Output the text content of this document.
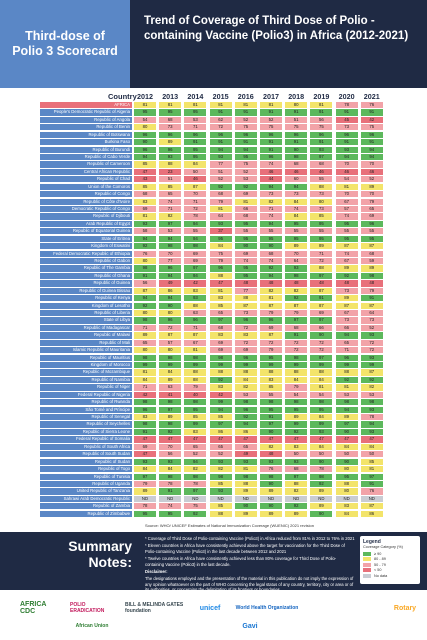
Third-dose of
Polio 3 Scorecard
Trend of Coverage of Third Dose of Polio -containing Vaccine (Polio3) in Africa (2012-2021)
Country 2012	2013	2014	2015	2016	2017	2018	2019	2020	2021
AFRICA	81	81	81	81	81	81	80	81	78	76
People's Democratic Republic of Algeria	95	95	95	91	91	91	91	91	91	91
Republic of Angola	54	68	53	62	52	52	51	56	45	42
Republic of Benin	80	73	71	72	75	75	75	75	73	75
Republic of Botswana	96	96	96	96	96	96	96	96	96	96
Burkina Faso	90	89	91	91	91	91	91	91	91	91
Republic of Burundi	96	96	95	94	94	91	90	93	93	94
Republic of Cabo Verde	94	93	95	93	95	96	98	97	94	94
Republic of Cameroon	85	88	84	77	75	74	68	68	70	70
Central African Republic	47	23	50	51	52	46	46	46	46	46
Republic of Chad	43	51	46	52	53	44	60	55	54	52
Union of the Comoros	85	85	87	92	92	94	94	88	81	89
Republic of Congo	68	65	70	68	69	73	73	73	70	70
Republic of Côte d'Ivoire	83	74	71	79	81	82	84	80	67	79
Democratic Republic of Congo	69	71	72	81	66	71	74	73	57	65
Republic of Djibouti	81	82	78	64	68	74	84	85	74	69
Arab Republic of Egypt	93	97	94	93	95	94	95	95	95	96
Republic of Equatorial Guinea	58	53	55	37	55	55	55	55	55	55
State of Eritrea	94	94	94	95	95	95	95	95	95	95
Kingdom of Eswatini	92	98	98	84	90	90	89	89	87	87
Federal Democratic Republic of Ethiopia	76	70	69	75	69	68	70	71	74	68
Republic of Gabon	80	77	69	79	74	74	64	72	67	59
Republic of The Gambia	98	96	97	96	95	92	93	88	89	89
Republic of Ghana	91	94	94	88	95	94	98	97	92	98
Republic of Guinea	56	49	42	47	48	48	48	48	48	48
Republic of Guinea Bissau	87	86	83	81	77	82	82	87	73	79
Republic of Kenya	94	94	93	83	88	81	92	91	89	91
Kingdom of Lesotho	92	90	88	85	87	87	87	87	87	87
Republic of Liberia	80	80	63	65	73	79	79	69	67	64
State of Libya	98	96	96	97	96	96	97	97	73	73
Republic of Madagascar	71	72	71	68	72	69	68	66	66	52
Republic of Malawi	89	87	87	83	83	87	91	90	94	93
Republic of Mali	65	57	67	69	72	72	72	72	65	72
Islamic Republic of Mauritania	80	80	81	69	69	79	72	72	71	72
Republic of Mauritius	98	98	98	98	96	95	98	97	96	93
Kingdom of Morocco	99	99	99	99	99	99	99	99	99	99
Republic of Mozambique	81	84	88	88	88	88	88	88	88	87
Republic of Namibia	84	89	88	92	84	83	84	84	92	92
Republic of Niger	71	63	79	83	82	85	79	81	81	82
Federal Republic of Nigeria	42	41	40	42	53	55	54	54	53	53
Republic of Rwanda	98	98	98	99	98	98	98	98	98	98
São Tomé and Príncipe	96	97	95	94	96	95	95	95	94	93
Republic of Senegal	83	89	85	85	92	91	89	84	89	78
Republic of Seychelles	98	98	99	97	94	97	99	99	97	94
Republic of Sierra Leone	91	92	83	86	86	90	92	93	90	93
Federal Republic of Somalia	47	47	47	47	47	47	47	47	47	47
Republic of South Africa	69	70	65	65	65	82	83	84	84	84
Republic of South Sudan	47	56	52	52	49	48	50	50	50	50
Republic of Sudan	93	93	94	93	93	93	93	90	90	85
Republic of Togo	84	84	82	82	81	76	68	78	80	81
Republic of Tunisia	97	98	98	98	98	98	97	98	95	97
Republic of Uganda	79	78	78	85	88	90	88	92	88	91
United Republic of Tanzania	89	91	97	93	89	89	82	89	80	76
Sahrawi Arab Democratic Republic	ND	ND	ND	ND	ND	ND	ND	ND	ND	ND
Republic of Zambia	78	74	75	85	90	90	92	89	83	87
Republic of Zimbabwe	95	95	92	88	89	89	89	90	84	86
Source: WHO/ UNICEF Estimates of National Immunization Coverage (WUENIC) 2021 revision
Summary
Notes:

* Coverage of Third Dose of Polio-containing Vaccine (Polio3) in Africa reduced from 81% in 2012 to 76% in 2021

* Eleven countries in Africa have consistently achieved above the target for vaccination for the Third Dose of Polio-containing Vaccine (Polio3) in the last decade between 2012 and 2021

* Twelve countries in Africa have consistently achieved less than 80% coverage for Third Dose of Polio-containing Vaccine (Polio3) in the last decade.

Disclaimer:

The designations employed and the presentation of the material in this publication do not imply the expression of any opinion whatsoever on the part of WHO concerning the legal status of any country, territory, city or area or of

Legend
Coverage Category (%)
≥ 90
80 - 89
50 - 79
< 50
No data
AFRICA CDC
POLIO ERADICATION
BILL & MELINDA GATES foundation	unicef	World Health Organization
African Union	Gavi
Rotary
